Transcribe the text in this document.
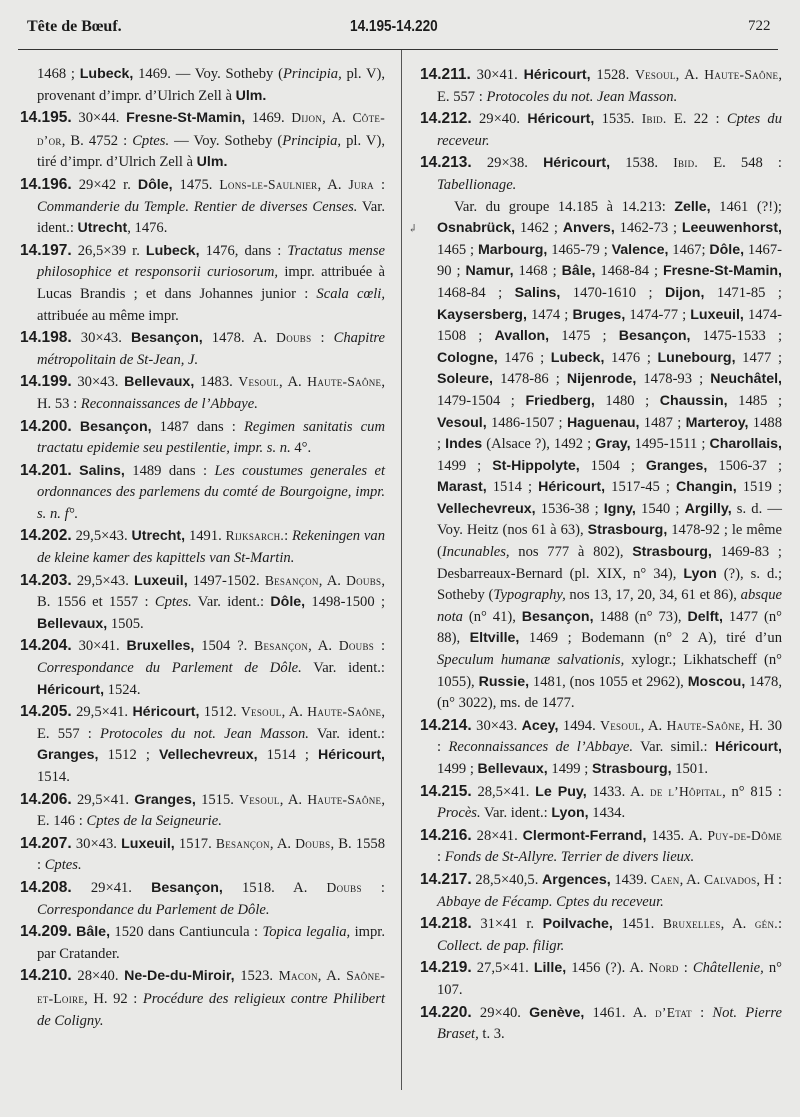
Tête de Bœuf.	14.195-14.220	722
↲

1468 ; Lubeck, 1469. — Voy. Sotheby (Principia, pl. V), provenant d’impr. d’Ulrich Zell à Ulm.

14.195. 30×44. Fresne-St-Mamin, 1469. Dijon, A. Côte-d’or, B. 4752 : Cptes. — Voy. Sotheby (Principia, pl. V), tiré d’impr. d’Ulrich Zell à Ulm.

14.196. 29×42 r. Dôle, 1475. Lons-le-Saulnier, A. Jura : Commanderie du Temple. Rentier de diverses Censes. Var. ident.: Utrecht, 1476.

14.197. 26,5×39 r. Lubeck, 1476, dans : Tractatus mense philosophice et responsorii curiosorum, impr. attribuée à Lucas Brandis ; et dans Johannes junior : Scala cœli, attribuée au même impr.

14.198. 30×43. Besançon, 1478. A. Doubs : Chapitre métropolitain de St-Jean, J.

14.199. 30×43. Bellevaux, 1483. Vesoul, A. Haute-Saône, H. 53 : Reconnaissances de l’Abbaye.

14.200. Besançon, 1487 dans : Regimen sanitatis cum tractatu epidemie seu pestilentie, impr. s. n. 4°.

14.201. Salins, 1489 dans : Les coustumes generales et ordonnances des parlemens du comté de Bourgoigne, impr. s. n. f°.

14.202. 29,5×43. Utrecht, 1491. Rijksarch.: Rekeningen van de kleine kamer des kapittels van St-Martin.

14.203. 29,5×43. Luxeuil, 1497-1502. Besançon, A. Doubs, B. 1556 et 1557 : Cptes. Var. ident.: Dôle, 1498-1500 ; Bellevaux, 1505.

14.204. 30×41. Bruxelles, 1504 ?. Besançon, A. Doubs : Correspondance du Parlement de Dôle. Var. ident.: Héricourt, 1524.

14.205. 29,5×41. Héricourt, 1512. Vesoul, A. Haute-Saône, E. 557 : Protocoles du not. Jean Masson. Var. ident.: Granges, 1512 ; Vellechevreux, 1514 ; Héricourt, 1514.

14.206. 29,5×41. Granges, 1515. Vesoul, A. Haute-Saône, E. 146 : Cptes de la Seigneurie.

14.207. 30×43. Luxeuil, 1517. Besançon, A. Doubs, B. 1558 : Cptes.

14.208. 29×41. Besançon, 1518. A. Doubs : Correspondance du Parlement de Dôle.

14.209. Bâle, 1520 dans Cantiuncula : Topica legalia, impr. par Cratander.

14.210. 28×40. Ne-De-du-Miroir, 1523. Macon, A. Saône-et-Loire, H. 92 : Procédure des religieux contre Philibert de Coligny.

14.211. 30×41. Héricourt, 1528. Vesoul, A. Haute-Saône, E. 557 : Protocoles du not. Jean Masson.

14.212. 29×40. Héricourt, 1535. Ibid. E. 22 : Cptes du receveur.

14.213. 29×38. Héricourt, 1538. Ibid. E. 548 : Tabellionage.

Var. du groupe 14.185 à 14.213: Zelle, 1461 (?!); Osnabrück, 1462 ; Anvers, 1462-73 ; Leeuwenhorst, 1465 ; Marbourg, 1465-79 ; Valence, 1467; Dôle, 1467-90 ; Namur, 1468 ; Bâle, 1468-84 ; Fresne-St-Mamin, 1468-84 ; Salins, 1470-1610 ; Dijon, 1471-85 ; Kaysersberg, 1474 ; Bruges, 1474-77 ; Luxeuil, 1474-1508 ; Avallon, 1475 ; Besançon, 1475-1533 ; Cologne, 1476 ; Lubeck, 1476 ; Lunebourg, 1477 ; Soleure, 1478-86 ; Nijenrode, 1478-93 ; Neuchâtel, 1479-1504 ; Friedberg, 1480 ; Chaussin, 1485 ; Vesoul, 1486-1507 ; Haguenau, 1487 ; Marteroy, 1488 ; Indes (Alsace ?), 1492 ; Gray, 1495-1511 ; Charollais, 1499 ; St-Hippolyte, 1504 ; Granges, 1506-37 ; Marast, 1514 ; Héricourt, 1517-45 ; Changin, 1519 ; Vellechevreux, 1536-38 ; Igny, 1540 ; Argilly, s. d. — Voy. Heitz (nos 61 à 63), Strasbourg, 1478-92 ; le même (Incunables, nos 777 à 802), Strasbourg, 1469-83 ; Desbarreaux-Bernard (pl. XIX, n° 34), Lyon (?), s. d.; Sotheby (Typography, nos 13, 17, 20, 34, 61 et 86), absque nota (n° 41), Besançon, 1488 (n° 73), Delft, 1477 (n° 88), Eltville, 1469 ; Bodemann (n° 2 A), tiré d’un Speculum humanæ salvationis, xylogr.; Likhatscheff (n° 1055), Russie, 1481, (nos 1055 et 2962), Moscou, 1478, (n° 3022), ms. de 1477.

14.214. 30×43. Acey, 1494. Vesoul, A. Haute-Saône, H. 30 : Reconnaissances de l’Abbaye. Var. simil.: Héricourt, 1499 ; Bellevaux, 1499 ; Strasbourg, 1501.

14.215. 28,5×41. Le Puy, 1433. A. de l’Hôpital, n° 815 : Procès. Var. ident.: Lyon, 1434.

14.216. 28×41. Clermont-Ferrand, 1435. A. Puy-de-Dôme : Fonds de St-Allyre. Terrier de divers lieux.

14.217. 28,5×40,5. Argences, 1439. Caen, A. Calvados, H : Abbaye de Fécamp. Cptes du receveur.

14.218. 31×41 r. Poilvache, 1451. Bruxelles, A. gén.: Collect. de pap. filigr.

14.219. 27,5×41. Lille, 1456 (?). A. Nord : Châtellenie, n° 107.

14.220. 29×40. Genève, 1461. A. d’Etat : Not. Pierre Braset, t. 3.
